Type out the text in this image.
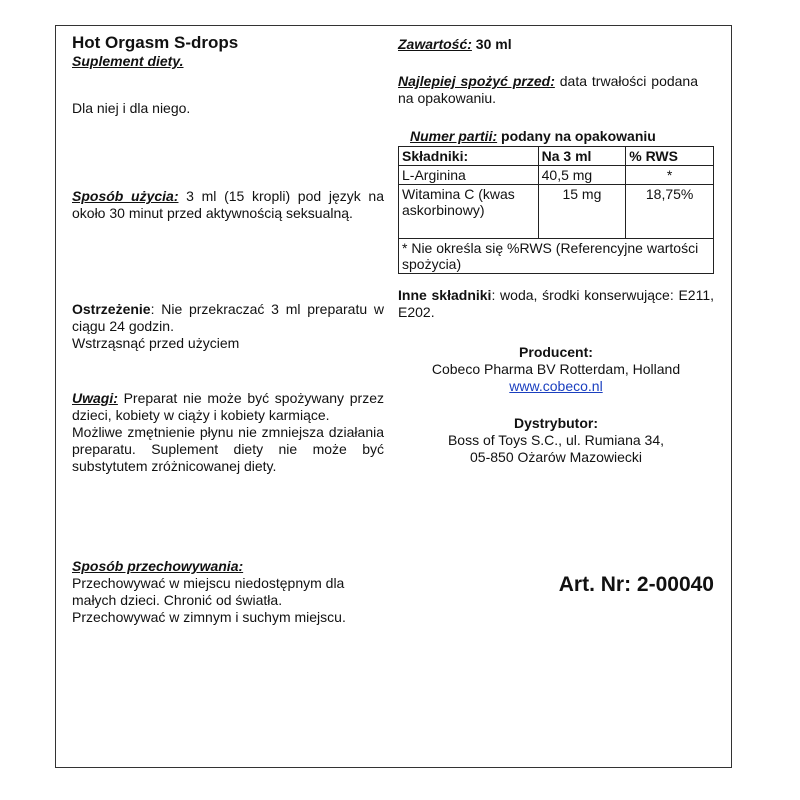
Hot Orgasm S-drops

Suplement diety.

Dla niej i dla niego.

Sposób użycia: 3 ml (15 kropli) pod język na około 30 minut przed aktywnością seksualną.

Ostrzeżenie: Nie przekraczać 3 ml preparatu w ciągu 24 godzin.

Wstrząsnąć przed użyciem

Uwagi: Preparat nie może być spożywany przez dzieci, kobiety w ciąży i kobiety karmiące.

Możliwe zmętnienie płynu nie zmniejsza działania preparatu. Suplement diety nie może być substytutem zróżnicowanej diety.

Sposób przechowywania:

Przechowywać w miejscu niedostępnym dla małych dzieci. Chronić od światła. Przechowywać w zimnym i suchym miejscu.

Zawartość: 30 ml
Najlepiej spożyć przed: data trwałości podana na opakowaniu.
Numer partii: podany na opakowaniu
Składniki:	Na 3 ml	% RWS
L-Arginina	40,5 mg	*
Witamina C (kwas askorbinowy)	15 mg	18,75%
* Nie określa się %RWS (Referencyjne wartości spożycia)		
Inne składniki: woda, środki konserwujące: E211, E202.

Producent:

Cobeco Pharma BV Rotterdam, Holland

www.cobeco.nl

Dystrybutor:

Boss of Toys S.C., ul. Rumiana 34,

05-850 Ożarów Mazowiecki

Art. Nr: 2-00040
